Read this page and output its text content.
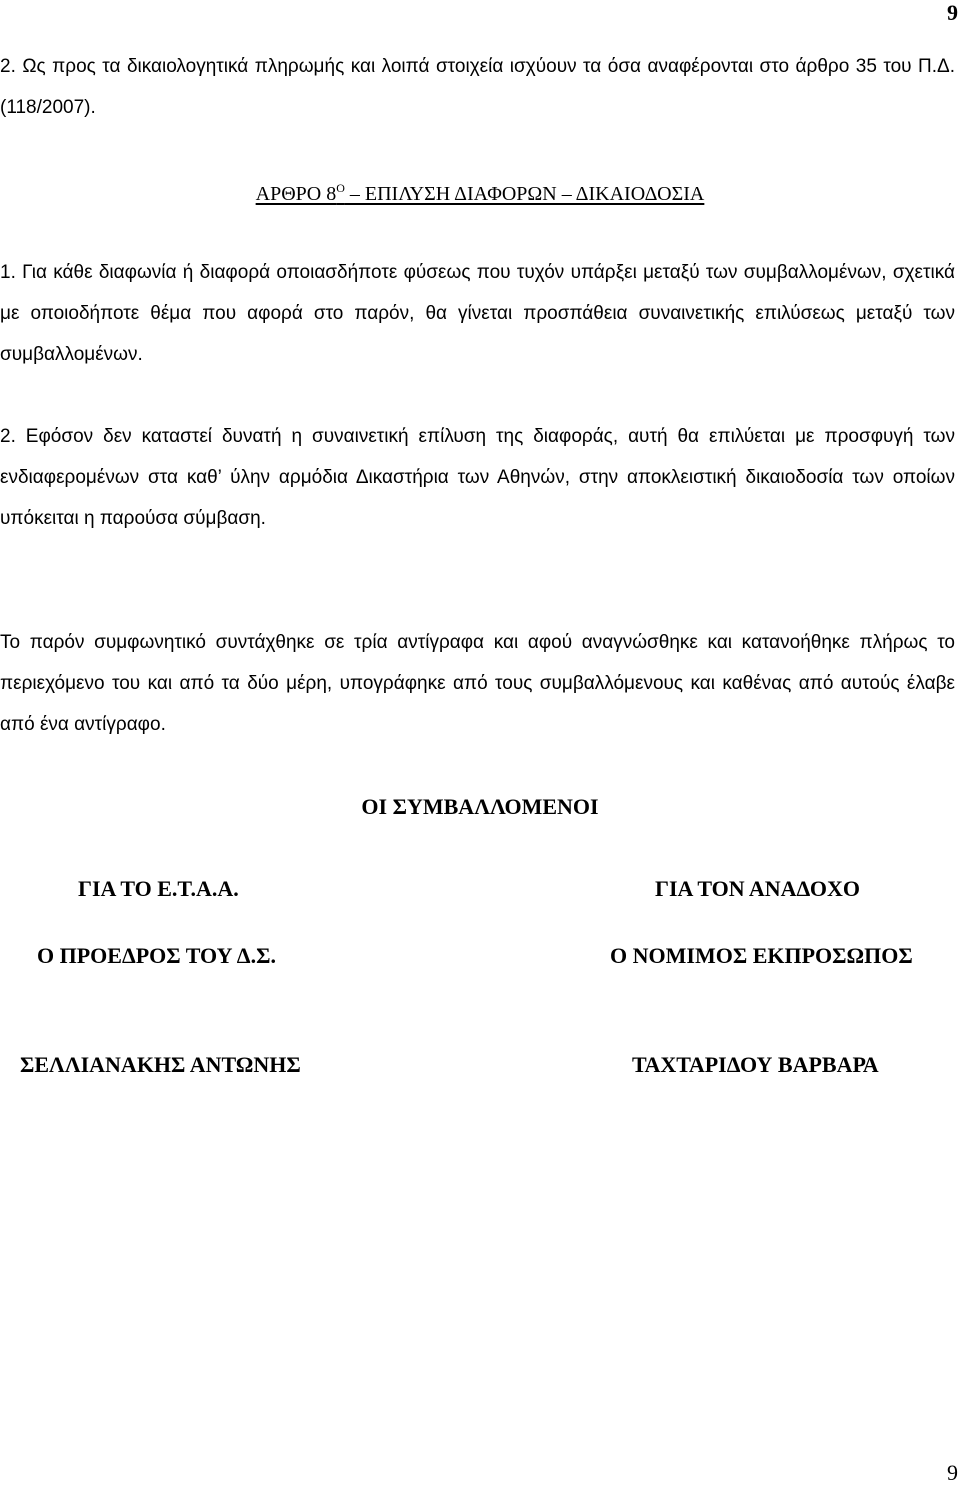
9

2. Ως προς τα δικαιολογητικά πληρωμής και λοιπά στοιχεία ισχύουν τα όσα αναφέρονται στο άρθρο 35 του Π.Δ. (118/2007).

ΑΡΘΡΟ $8^O$ – ΕΠΙΛΥΣΗ ΔΙΑΦΟΡΩΝ – ΔΙΚΑΙΟΔΟΣΙΑ

1. Για κάθε διαφωνία ή διαφορά οποιασδήποτε φύσεως που τυχόν υπάρξει μεταξύ των συμβαλλομένων, σχετικά με οποιοδήποτε θέμα που αφορά στο παρόν, θα γίνεται προσπάθεια συναινετικής επιλύσεως μεταξύ των συμβαλλομένων.

2. Εφόσον δεν καταστεί δυνατή η συναινετική επίλυση της διαφοράς, αυτή θα επιλύεται με προσφυγή των ενδιαφερομένων στα καθ’ ύλην αρμόδια Δικαστήρια των Αθηνών, στην αποκλειστική δικαιοδοσία των οποίων υπόκειται η παρούσα σύμβαση.

Το παρόν συμφωνητικό συντάχθηκε σε τρία αντίγραφα και αφού αναγνώσθηκε και κατανοήθηκε πλήρως το περιεχόμενο του και από τα δύο μέρη, υπογράφηκε από τους συμβαλλόμενους και καθένας από αυτούς έλαβε από ένα αντίγραφο.

ΟΙ ΣΥΜΒΑΛΛΟΜΕΝΟΙ
ΓΙΑ ΤΟ Ε.Τ.Α.Α.	ΓΙΑ ΤΟΝ ΑΝΑΔΟΧΟ
Ο ΠΡΟΕΔΡΟΣ ΤΟΥ Δ.Σ.	Ο ΝΟΜΙΜΟΣ ΕΚΠΡΟΣΩΠΟΣ
ΣΕΛΛΙΑΝΑΚΗΣ ΑΝΤΩΝΗΣ	ΤΑΧΤΑΡΙΔΟΥ ΒΑΡΒΑΡΑ
9
